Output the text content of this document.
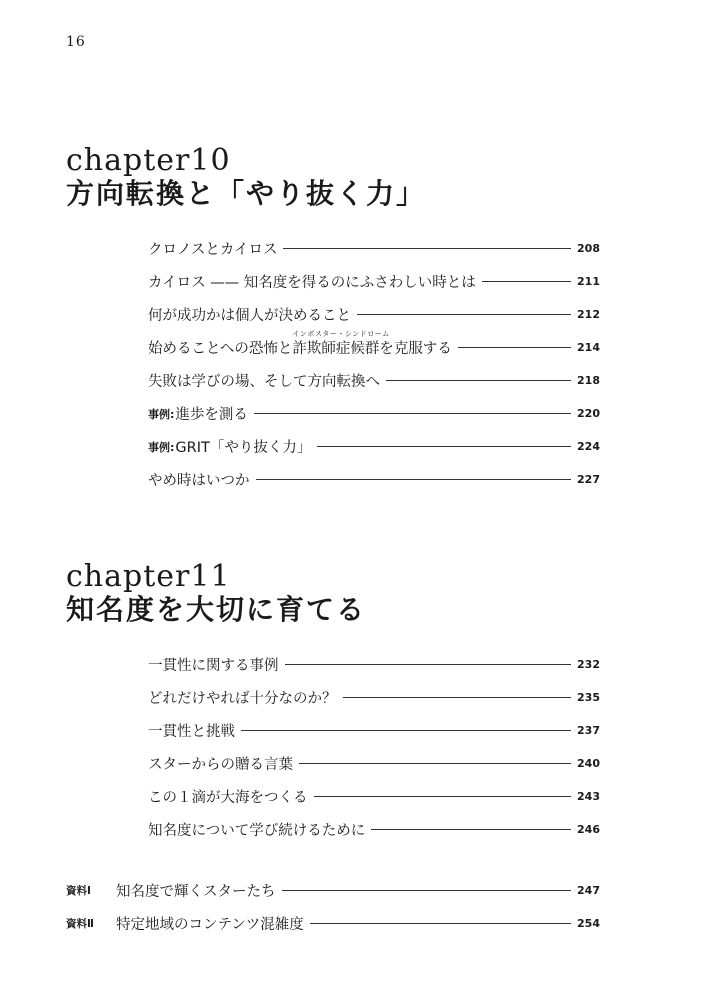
16
chapter10
方向転換と「やり抜く力」
クロノスとカイロス	208
カイロス —— 知名度を得るのにふさわしい時とは	211
何が成功かは個人が決めること	212
始めることへの恐怖と
インポスター・シンドローム
詐欺師症候群を克服する	214
失敗は学びの場、そして方向転換へ	218
事例: 進歩を測る	220
事例: GRIT「やり抜く力」	224
やめ時はいつか	227
chapter11
知名度を大切に育てる
一貫性に関する事例	232
どれだけやれば十分なのか？	235
一貫性と挑戦	237
スターからの贈る言葉	240
この１滴が大海をつくる	243
知名度について学び続けるために	246
資料Ⅰ	知名度で輝くスターたち	247
資料Ⅱ	特定地域のコンテンツ混雑度	254
